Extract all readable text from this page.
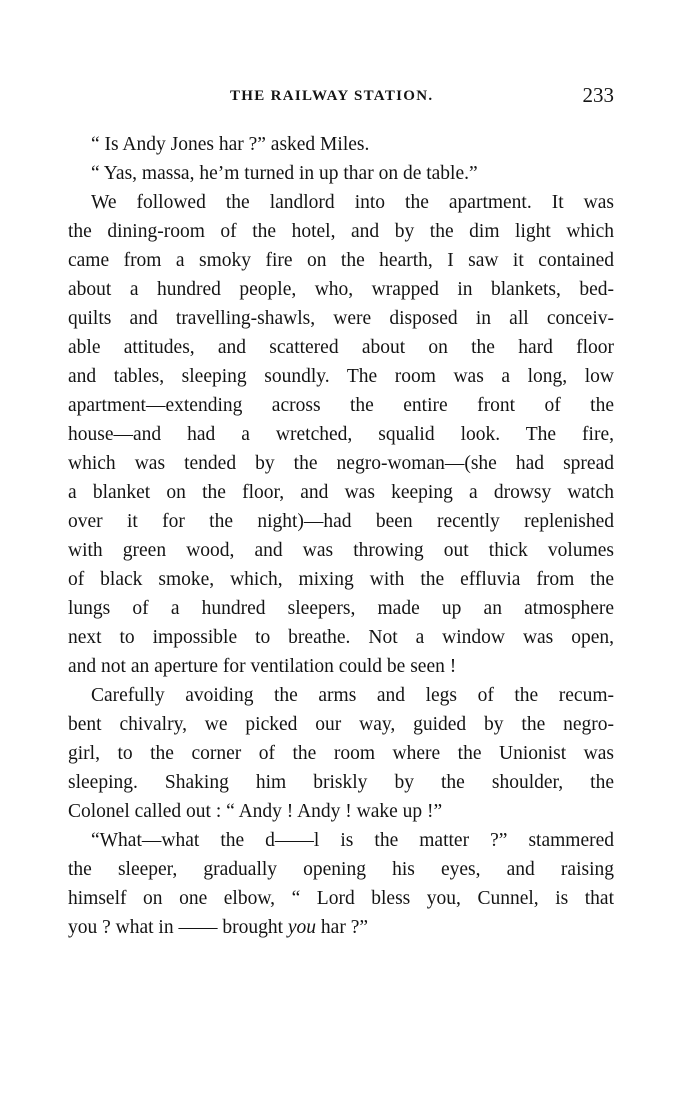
THE RAILWAY STATION.	233
“ Is Andy Jones har ?” asked Miles.
“ Yas, massa, he’m turned in up thar on de table.”
We followed the landlord into the apartment. It was
the dining-room of the hotel, and by the dim light which
came from a smoky fire on the hearth, I saw it contained
about a hundred people, who, wrapped in blankets, bed-
quilts and travelling-shawls, were disposed in all conceiv-
able attitudes, and scattered about on the hard floor
and tables, sleeping soundly. The room was a long, low
apartment—extending across the entire front of the
house—and had a wretched, squalid look. The fire,
which was tended by the negro-woman—(she had spread
a blanket on the floor, and was keeping a drowsy watch
over it for the night)—had been recently replenished
with green wood, and was throwing out thick volumes
of black smoke, which, mixing with the effluvia from the
lungs of a hundred sleepers, made up an atmosphere
next to impossible to breathe. Not a window was open,
and not an aperture for ventilation could be seen !
Carefully avoiding the arms and legs of the recum-
bent chivalry, we picked our way, guided by the negro-
girl, to the corner of the room where the Unionist was
sleeping. Shaking him briskly by the shoulder, the
Colonel called out : “ Andy ! Andy ! wake up !”
“What—what the d——l is the matter ?” stammered
the sleeper, gradually opening his eyes, and raising
himself on one elbow, “ Lord bless you, Cunnel, is that
you ? what in —— brought you har ?”
